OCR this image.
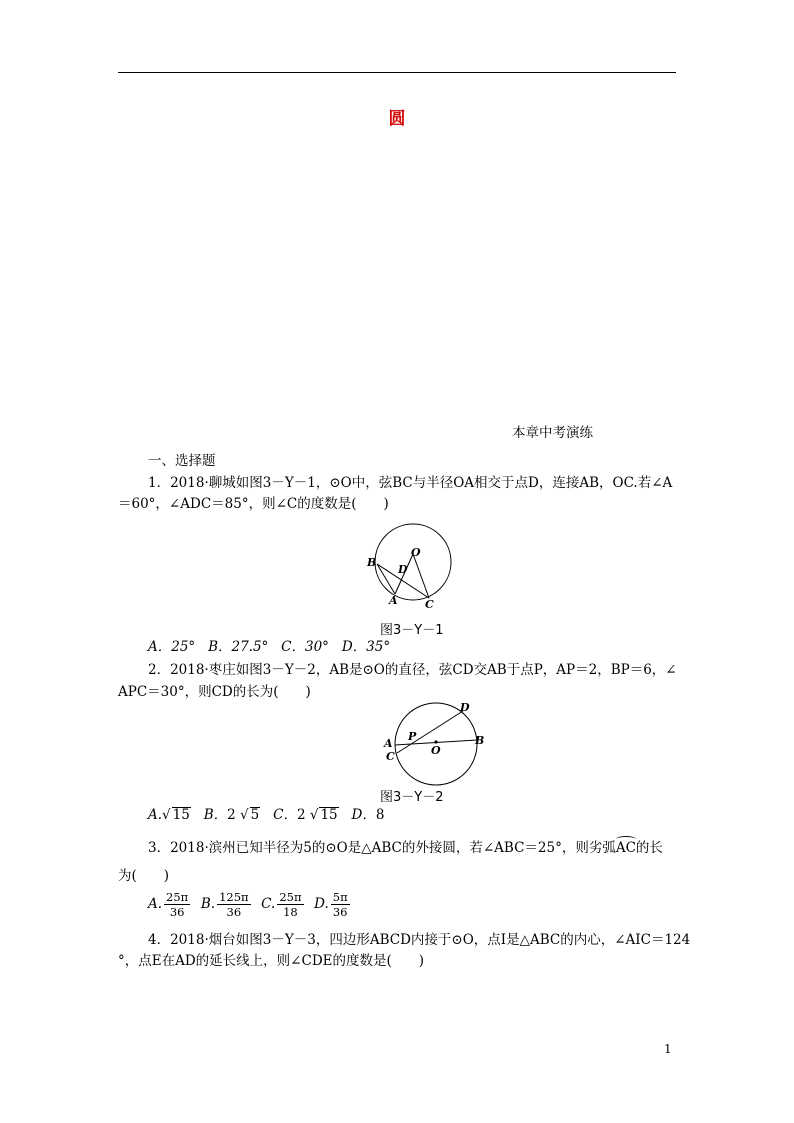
圆
本章中考演练
一、选择题
1．2018·聊城如图3－Y－1，⊙O中，弦BC与半径OA相交于点D，连接AB，OC.若∠A
＝60°，∠ADC＝85°，则∠C的度数是(　　)
O
B
D
A C
图3－Y－1
A．25° B．27.5° C．30° D．35°
2．2018·枣庄如图3－Y－2，AB是⊙O的直径，弦CD交AB于点P，AP＝2，BP＝6，∠
APC＝30°，则CD的长为(　　)
D
P
A
C	O
B
图3－Y－2
A.√ 15 B．2 √ 5 C．2 √ 15 D．8
3．2018·滨州已知半径为5的⊙O是△ABC的外接圆，若∠ABC＝25°，则劣弧AC的长
为(　　)
A. $\frac{25\pi}{36} B$. $\frac{125\pi}{36} C$. $\frac{25\pi}{18} D$. $\frac{5\pi}{36}$
4．2018·烟台如图3－Y－3，四边形ABCD内接于⊙O，点I是△ABC的内心，∠AIC＝124
°，点E在AD的延长线上，则∠CDE的度数是(　　)
1
